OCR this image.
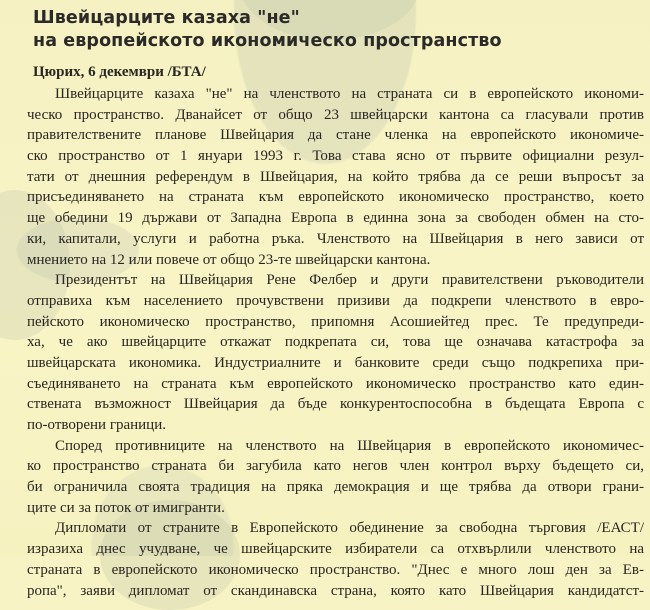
Швейцарците казаха "не"
на европейското икономическо пространство
Цюрих, 6 декември /БТА/
Швейцарците казаха "не" на членството на страната си в европейското икономи-
ческо пространство. Дванайсет от общо 23 швейцарски кантона са гласували против
правителствените планове Швейцария да стане членка на европейското икономиче-
ско пространство от 1 януари 1993 г. Това става ясно от първите официални резул-
тати от днешния референдум в Швейцария, на който трябва да се реши въпросът за
присъединяването на страната към европейското икономическо пространство, което
ще обедини 19 държави от Западна Европа в единна зона за свободен обмен на сто-
ки, капитали, услуги и работна ръка. Членството на Швейцария в него зависи от
мнението на 12 или повече от общо 23-те швейцарски кантона.
Президентът на Швейцария Рене Фелбер и други правителствени ръководители
отправиха към населението прочувствени призиви да подкрепи членството в евро-
пейското икономическо пространство, припомня Асошиейтед прес. Те предупреди-
ха, че ако швейцарците откажат подкрепата си, това ще означава катастрофа за
швейцарската икономика. Индустриалните и банковите среди също подкрепиха при-
съединяването на страната към европейското икономическо пространство като един-
ствената възможност Швейцария да бъде конкурентоспособна в бъдещата Европа с
по-отворени граници.
Според противниците на членството на Швейцария в европейското икономичес-
ко пространство страната би загубила като негов член контрол върху бъдещето си,
би ограничила своята традиция на пряка демокрация и ще трябва да отвори грани-
ците си за поток от имигранти.
Дипломати от страните в Европейското обединение за свободна търговия /ЕАСТ/
изразиха днес учудване, че швейцарските избиратели са отхвърлили членството на
страната в европейското икономическо пространство. "Днес е много лош ден за Ев-
ропа", заяви дипломат от скандинавска страна, която като Швейцария кандидатст-
